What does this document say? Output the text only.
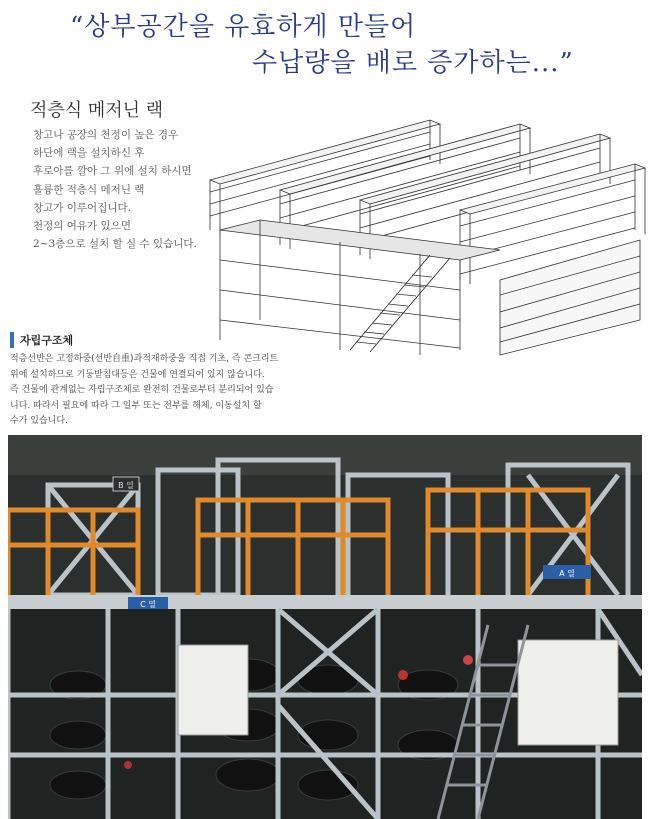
“상부공간을 유효하게 만들어
수납량을 배로 증가하는...”
적층식 메저닌 랙
창고나 공장의 천정이 높은 경우
하단에 랙을 설치하신 후
후로아를 깔아 그 위에 설치 하시면
훌륭한 적층식 메저닌 랙
창고가 이루어집니다.
천정의 여유가 있으면
2~3층으로 설치 할 실 수 있습니다.
자립구조체
적층선반은 고정하중(선반自重)과적재하중을 직접 기초, 즉 콘크리트
위에 설치하므로 기둥받침대등은 건물에 연결되어 있지 않습니다.
즉 건물에 관계없는 자립구조체로 완전히 건물로부터 분리되어 있습
니다. 따라서 필요에 따라 그 일부 또는 전부를 해체, 이동설치 할
수가 있습니다.
B 열
A 열
C 열
